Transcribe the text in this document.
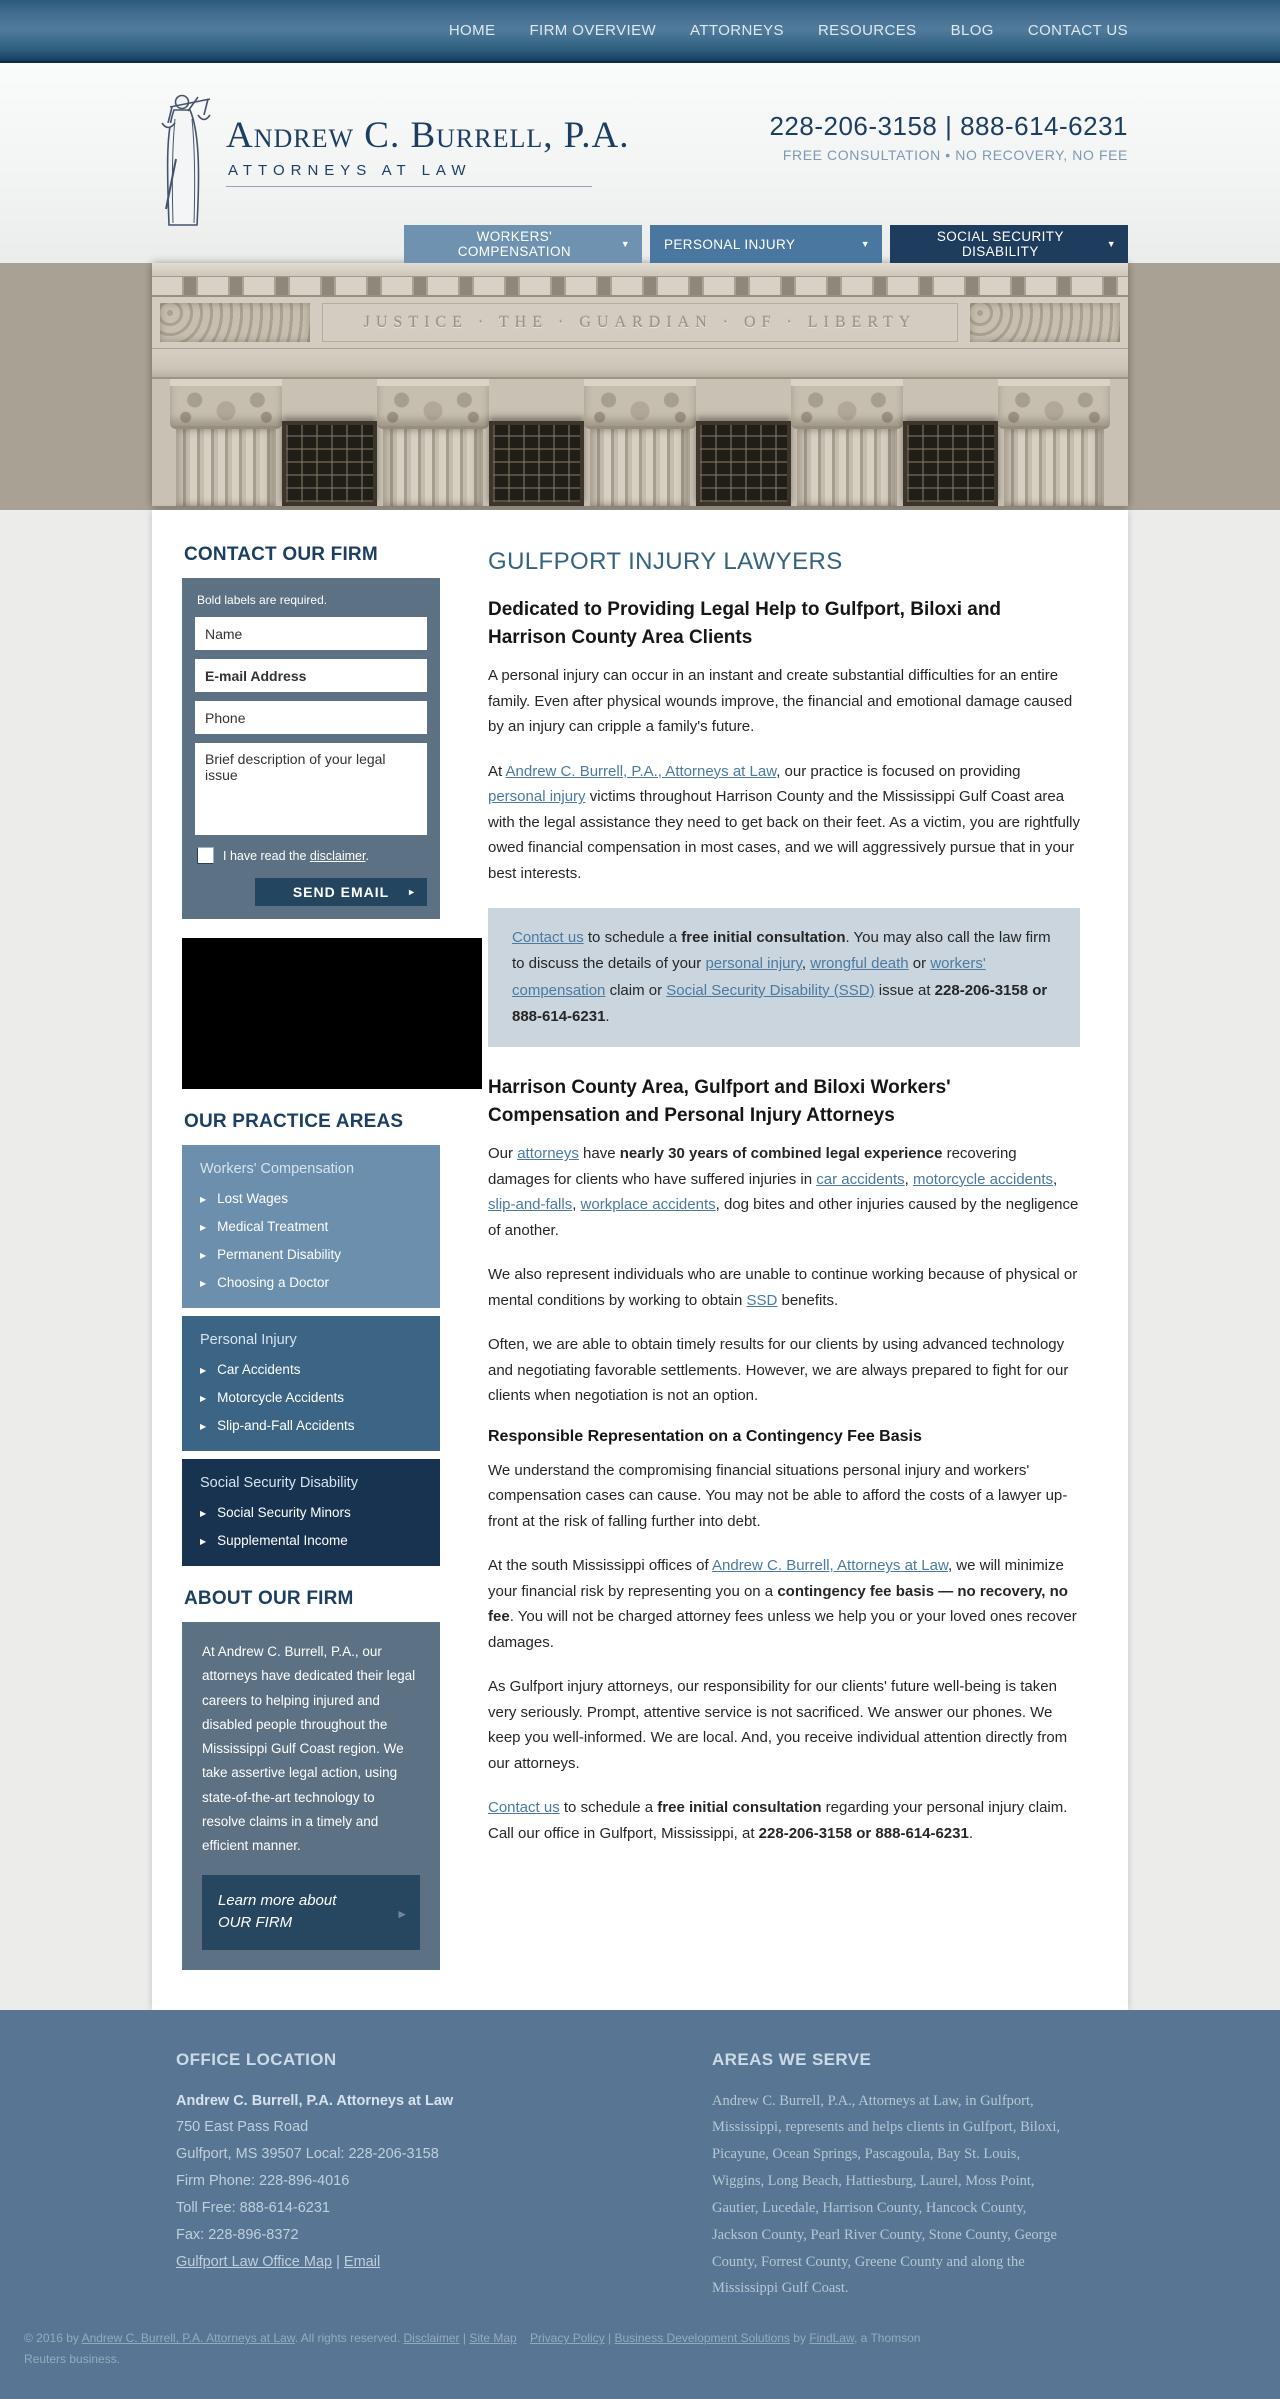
HOME FIRM OVERVIEW ATTORNEYS RESOURCES BLOG CONTACT US
Andrew C. Burrell, P.A.
ATTORNEYS AT LAW
228-206-3158 | 888-614-6231
FREE CONSULTATION • NO RECOVERY, NO FEE
WORKERS' COMPENSATION	▼	PERSONAL INJURY	▼	SOCIAL SECURITY DISABILITY	▼
JUSTICE · THE · GUARDIAN · OF · LIBERTY
CONTACT OUR FIRM
Bold labels are required.
Name
E-mail Address
Phone
Brief description of your legal issue
I have read the disclaimer.
SEND EMAIL ►
OUR PRACTICE AREAS
Workers' Compensation
▶ Lost Wages
▶ Medical Treatment
▶ Permanent Disability
▶ Choosing a Doctor
Personal Injury
▶ Car Accidents
▶ Motorcycle Accidents
▶ Slip-and-Fall Accidents
Social Security Disability
▶ Social Security Minors
▶ Supplemental Income
ABOUT OUR FIRM
At Andrew C. Burrell, P.A., our attorneys have dedicated their legal careers to helping injured and disabled people throughout the Mississippi Gulf Coast region. We take assertive legal action, using state-of-the-art technology to resolve claims in a timely and efficient manner.
Learn more about
OUR FIRM	►
GULFPORT INJURY LAWYERS
Dedicated to Providing Legal Help to Gulfport, Biloxi and Harrison County Area Clients

A personal injury can occur in an instant and create substantial difficulties for an entire family. Even after physical wounds improve, the financial and emotional damage caused by an injury can cripple a family's future.

At Andrew C. Burrell, P.A., Attorneys at Law, our practice is focused on providing personal injury victims throughout Harrison County and the Mississippi Gulf Coast area with the legal assistance they need to get back on their feet. As a victim, you are rightfully owed financial compensation in most cases, and we will aggressively pursue that in your best interests.

Contact us to schedule a free initial consultation. You may also call the law firm to discuss the details of your personal injury, wrongful death or workers' compensation claim or Social Security Disability (SSD) issue at 228-206-3158 or 888-614-6231.

Harrison County Area, Gulfport and Biloxi Workers' Compensation and Personal Injury Attorneys

Our attorneys have nearly 30 years of combined legal experience recovering damages for clients who have suffered injuries in car accidents, motorcycle accidents, slip-and-falls, workplace accidents, dog bites and other injuries caused by the negligence of another.

We also represent individuals who are unable to continue working because of physical or mental conditions by working to obtain SSD benefits.

Often, we are able to obtain timely results for our clients by using advanced technology and negotiating favorable settlements. However, we are always prepared to fight for our clients when negotiation is not an option.

Responsible Representation on a Contingency Fee Basis

We understand the compromising financial situations personal injury and workers' compensation cases can cause. You may not be able to afford the costs of a lawyer up-front at the risk of falling further into debt.

At the south Mississippi offices of Andrew C. Burrell, Attorneys at Law, we will minimize your financial risk by representing you on a contingency fee basis — no recovery, no fee. You will not be charged attorney fees unless we help you or your loved ones recover damages.

As Gulfport injury attorneys, our responsibility for our clients' future well-being is taken very seriously. Prompt, attentive service is not sacrificed. We answer our phones. We keep you well-informed. We are local. And, you receive individual attention directly from our attorneys.

Contact us to schedule a free initial consultation regarding your personal injury claim. Call our office in Gulfport, Mississippi, at 228-206-3158 or 888-614-6231.

OFFICE LOCATION
Andrew C. Burrell, P.A. Attorneys at Law
750 East Pass Road
Gulfport, MS 39507 Local: 228-206-3158
Firm Phone: 228-896-4016
Toll Free: 888-614-6231
Fax: 228-896-8372
Gulfport Law Office Map | Email
AREAS WE SERVE
Andrew C. Burrell, P.A., Attorneys at Law, in Gulfport, Mississippi, represents and helps clients in Gulfport, Biloxi, Picayune, Ocean Springs, Pascagoula, Bay St. Louis, Wiggins, Long Beach, Hattiesburg, Laurel, Moss Point, Gautier, Lucedale, Harrison County, Hancock County, Jackson County, Pearl River County, Stone County, George County, Forrest County, Greene County and along the Mississippi Gulf Coast.
© 2016 by Andrew C. Burrell, P.A. Attorneys at Law. All rights reserved. Disclaimer | Site Map Privacy Policy | Business Development Solutions by FindLaw, a Thomson Reuters business.
